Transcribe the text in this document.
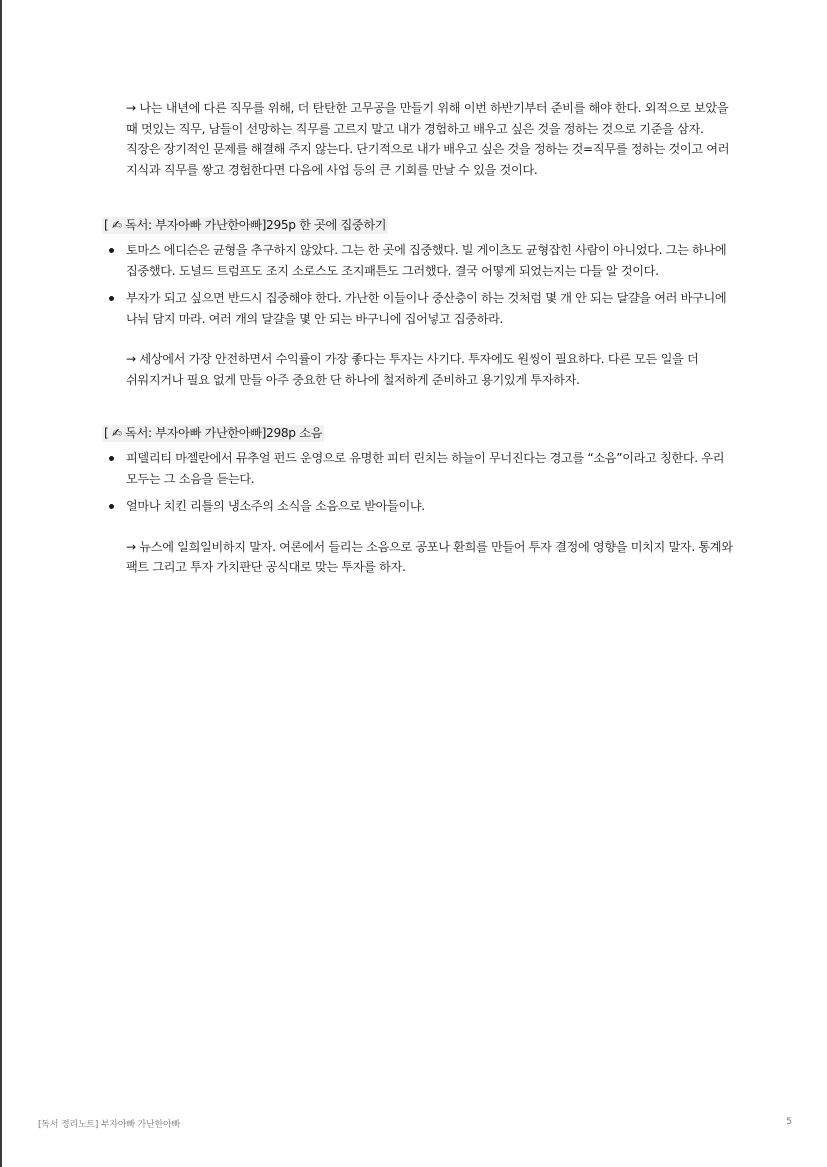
→ 나는 내년에 다른 직무를 위해, 더 탄탄한 고무공을 만들기 위해 이번 하반기부터 준비를 해야 한다. 외적으로 보았을 때 멋있는 직무, 남들이 선망하는 직무를 고르지 말고 내가 경험하고 배우고 싶은 것을 정하는 것으로 기준을 삼자. 직장은 장기적인 문제를 해결해 주지 않는다. 단기적으로 내가 배우고 싶은 것을 정하는 것=직무를 정하는 것이고 여러 지식과 직무를 쌓고 경험한다면 다음에 사업 등의 큰 기회를 만날 수 있을 것이다.

[ ✍ 독서: 부자아빠 가난한아빠]295p 한 곳에 집중하기

토마스 에디슨은 균형을 추구하지 않았다. 그는 한 곳에 집중했다. 빌 게이츠도 균형잡힌 사람이 아니었다. 그는 하나에 집중했다. 도널드 트럼프도 조지 소로스도 조지패튼도 그러했다. 결국 어떻게 되었는지는 다들 알 것이다.

부자가 되고 싶으면 반드시 집중해야 한다. 가난한 이들이나 중산층이 하는 것처럼 몇 개 안 되는 달걀을 여러 바구니에 나눠 담지 마라. 여러 개의 달걀을 몇 안 되는 바구니에 집어넣고 집중하라.

→ 세상에서 가장 안전하면서 수익률이 가장 좋다는 투자는 사기다. 투자에도 원씽이 필요하다. 다른 모든 일을 더 쉬워지거나 필요 없게 만들 아주 중요한 단 하나에 철저하게 준비하고 용기있게 투자하자.

[ ✍ 독서: 부자아빠 가난한아빠]298p 소음

피델리티 마젤란에서 뮤추얼 펀드 운영으로 유명한 피터 린치는 하늘이 무너진다는 경고를 “소음”이라고 칭한다. 우리 모두는 그 소음을 듣는다.

얼마나 치킨 리틀의 냉소주의 소식을 소음으로 받아들이냐.

→ 뉴스에 일희일비하지 말자. 여론에서 들리는 소음으로 공포나 환희를 만들어 투자 결정에 영향을 미치지 말자. 통계와 팩트 그리고 투자 가치판단 공식대로 맞는 투자를 하자.

[독서 정리노트] 부자아빠 가난한아빠	5
